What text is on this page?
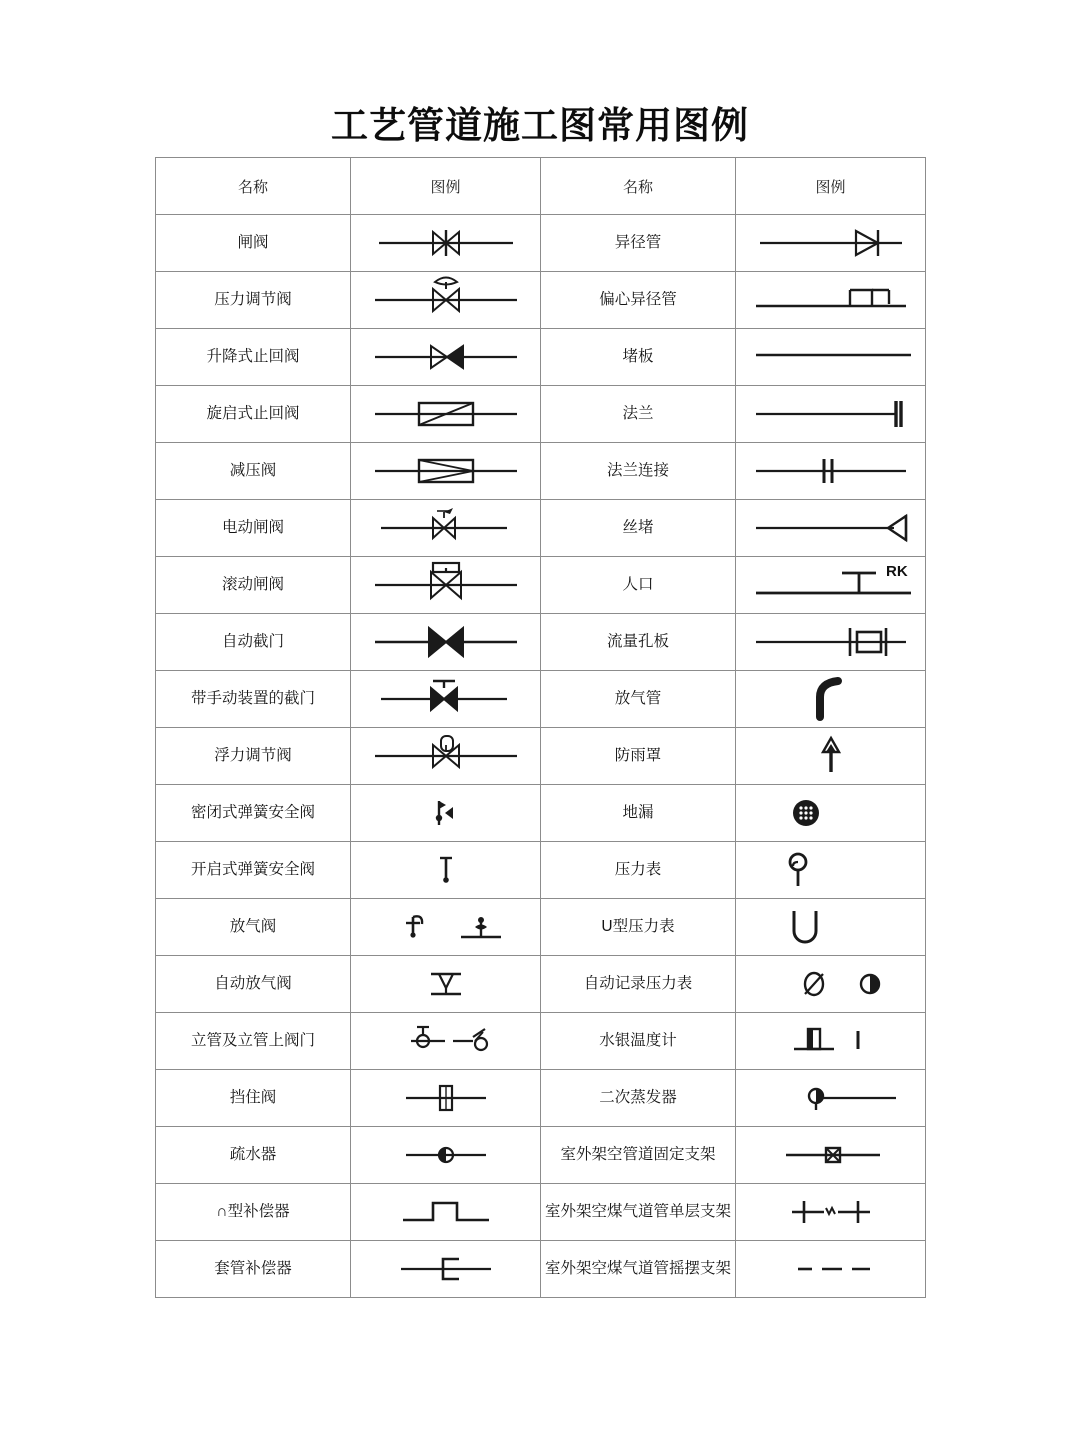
工艺管道施工图常用图例
名称	图例	名称	图例

闸阀		异径管	

压力调节阀		偏心异径管	

升降式止回阀		堵板	

旋启式止回阀		法兰	

减压阀		法兰连接	

电动闸阀		丝堵	

滚动闸阀		人口	RK

自动截门		流量孔板	

带手动装置的截门		放气管	

浮力调节阀		防雨罩	

密闭式弹簧安全阀		地漏	

开启式弹簧安全阀		压力表	

放气阀		U型压力表	

自动放气阀		自动记录压力表	

立管及立管上阀门		水银温度计	

挡住阀		二次蒸发器	

疏水器		室外架空管道固定支架	

∩型补偿器		室外架空煤气道管单层支架	

套管补偿器		室外架空煤气道管摇摆支架	
